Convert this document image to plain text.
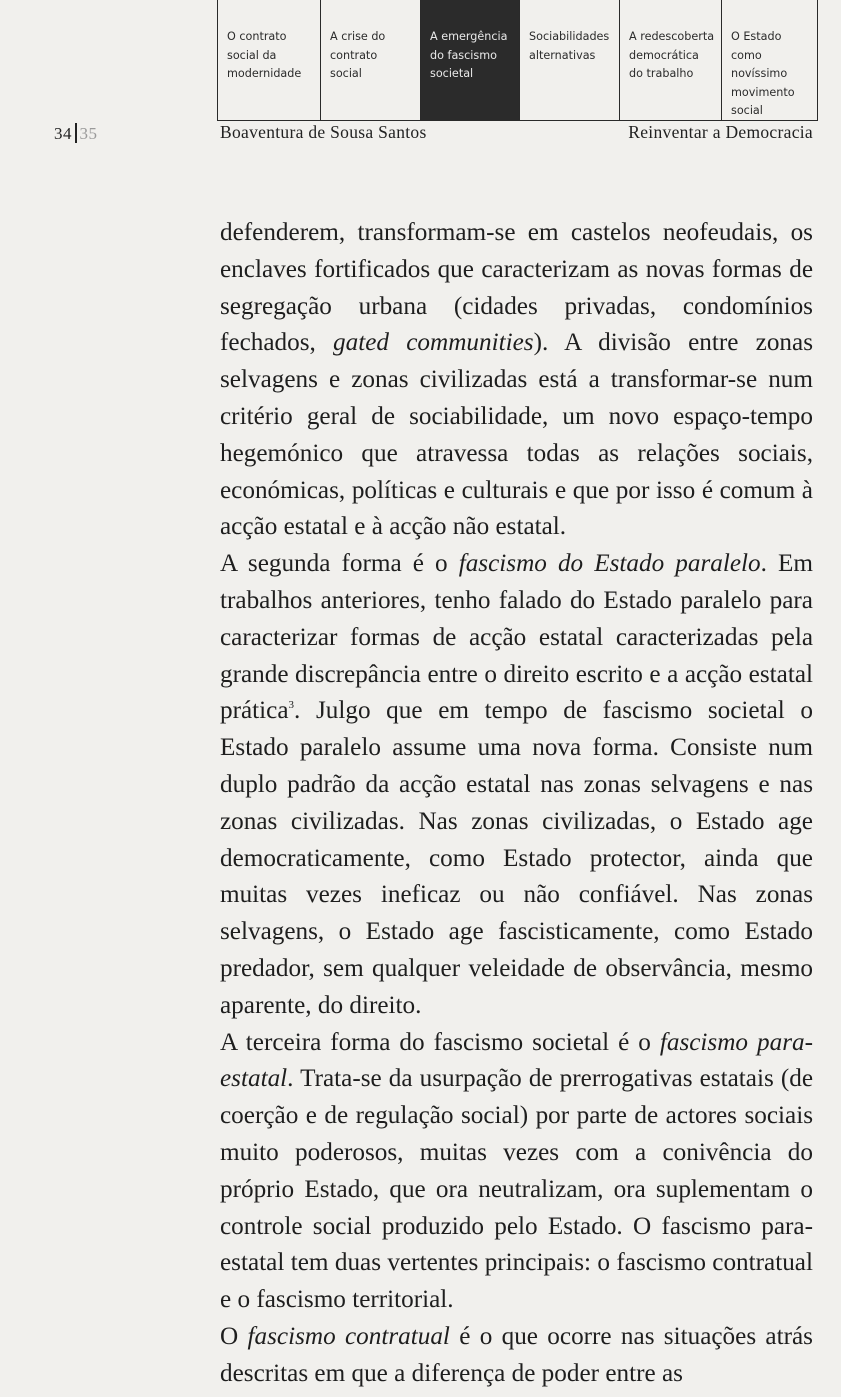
O contrato
social da
modernidade
A crise do
contrato
social
A emergência
do fascismo
societal
Sociabilidades
alternativas
A redescoberta
democrática
do trabalho
O Estado
como
novíssimo
movimento
social
34 35	Boaventura de Sousa Santos	Reinventar a Democracia

defenderem, transformam-se em castelos neofeudais, os enclaves fortificados que caracterizam as novas formas de segregação urbana (cidades privadas, condomínios fechados, gated communities). A divisão entre zonas selvagens e zonas civilizadas está a transformar-se num critério geral de sociabilidade, um novo espaço-tempo hegemónico que atravessa todas as relações sociais, económicas, políticas e culturais e que por isso é comum à acção estatal e à acção não estatal.

A segunda forma é o fascismo do Estado paralelo. Em trabalhos anteriores, tenho falado do Estado paralelo para caracterizar formas de acção estatal caracterizadas pela grande discrepância entre o direito escrito e a acção estatal prática$^3$. Julgo que em tempo de fascismo societal o Estado paralelo assume uma nova forma. Consiste num duplo padrão da acção estatal nas zonas selvagens e nas zonas civilizadas. Nas zonas civilizadas, o Estado age democraticamente, como Estado protector, ainda que muitas vezes ineficaz ou não confiável. Nas zonas selvagens, o Estado age fascisticamente, como Estado predador, sem qualquer veleidade de observância, mesmo aparente, do direito.

A terceira forma do fascismo societal é o fascismo para-estatal. Trata-se da usurpação de prerrogativas estatais (de coerção e de regulação social) por parte de actores sociais muito poderosos, muitas vezes com a conivência do próprio Estado, que ora neutralizam, ora suplementam o controle social produzido pelo Estado. O fascismo para-estatal tem duas vertentes principais: o fascismo contratual e o fascismo territorial.

O fascismo contratual é o que ocorre nas situações atrás descritas em que a diferença de poder entre as
